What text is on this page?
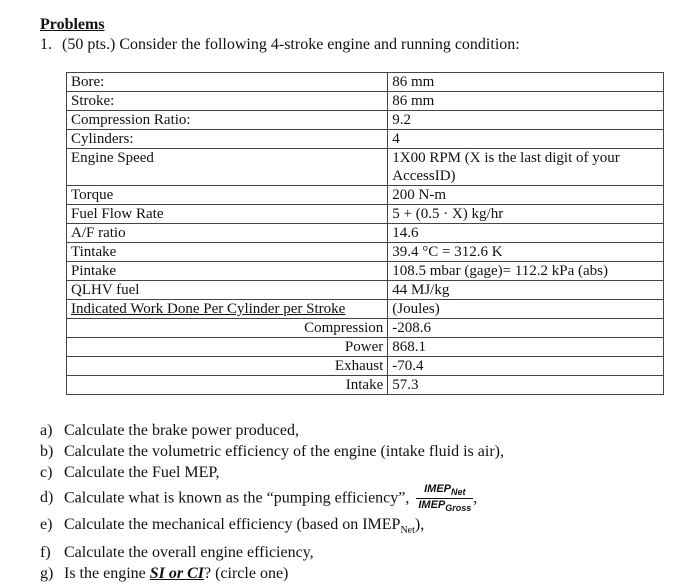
Problems
1. (50 pts.) Consider the following 4-stroke engine and running condition:
Bore:	86 mm
Stroke:	86 mm
Compression Ratio:	9.2
Cylinders:	4
Engine Speed	1X00 RPM (X is the last digit of your AccessID)
Torque	200 N-m
Fuel Flow Rate	5 + (0.5 · X) kg/hr
A/F ratio	14.6
Tintake	39.4 °C = 312.6 K
Pintake	108.5 mbar (gage)= 112.2 kPa (abs)
QLHV fuel	44 MJ/kg
Indicated Work Done Per Cylinder per Stroke	(Joules)
Compression	-208.6
Power	868.1
Exhaust	-70.4
Intake	57.3
a) Calculate the brake power produced,
b) Calculate the volumetric efficiency of the engine (intake fluid is air),
c) Calculate the Fuel MEP,
d) Calculate what is known as the “pumping efficiency”, $\frac{IMEP_{Net}}{IMEP_{Gross}}$ ,
e) Calculate the mechanical efficiency (based on $IMEP_{Net}$),
f) Calculate the overall engine efficiency,
g) Is the engine SI or CI? (circle one)
